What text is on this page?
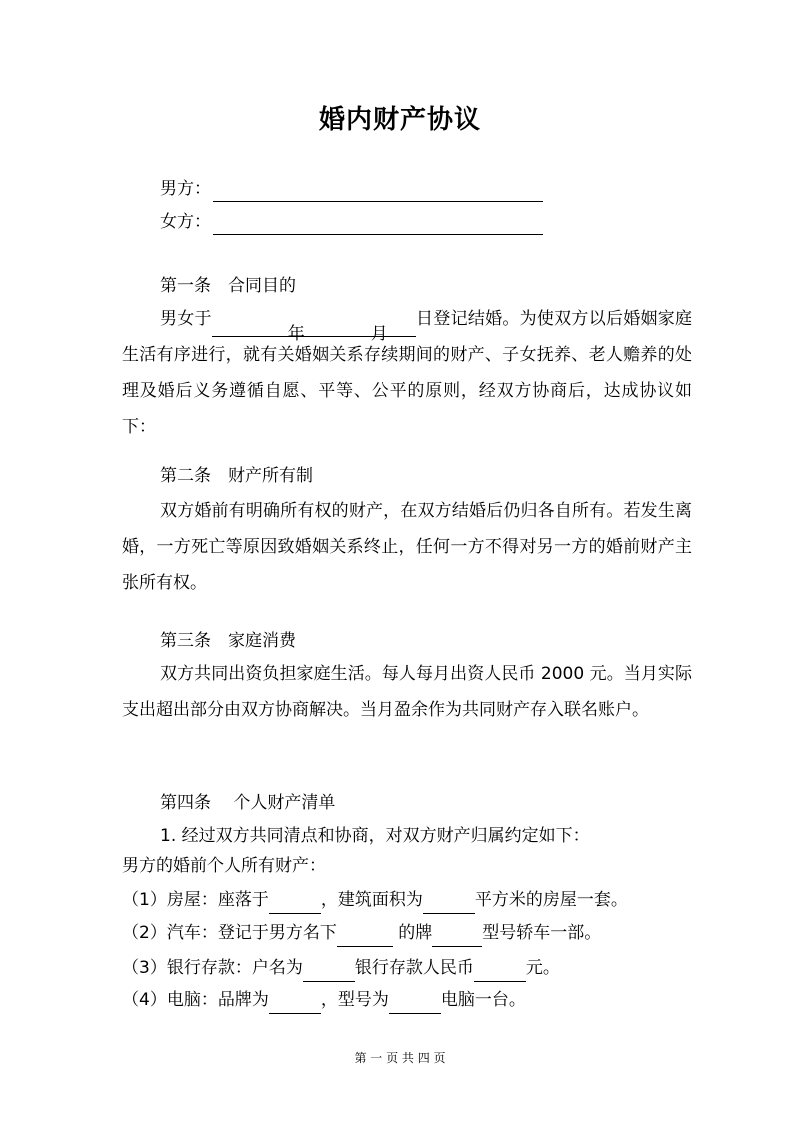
婚内财产协议
男方：
女方：
第一条　合同目的
男女于年	月日登记结婚。为使双方以后婚姻家庭生活有序进行，就有关婚姻关系存续期间的财产、子女抚养、老人赡养的处理及婚后义务遵循自愿、平等、公平的原则，经双方协商后，达成协议如下：
第二条　财产所有制
双方婚前有明确所有权的财产，在双方结婚后仍归各自所有。若发生离婚，一方死亡等原因致婚姻关系终止，任何一方不得对另一方的婚前财产主张所有权。
第三条　家庭消费
双方共同出资负担家庭生活。每人每月出资人民币 2000 元。当月实际支出超出部分由双方协商解决。当月盈余作为共同财产存入联名账户。
第四条　 个人财产清单
1. 经过双方共同清点和协商，对双方财产归属约定如下：
男方的婚前个人所有财产：
（1）房屋：座落于	，建筑面积为	平方米的房屋一套。
（2）汽车：登记于男方名下	的牌	型号轿车一部。
（3）银行存款：户名为	银行存款人民币	元。
（4）电脑：品牌为	，型号为	电脑一台。
第 一 页 共 四 页
